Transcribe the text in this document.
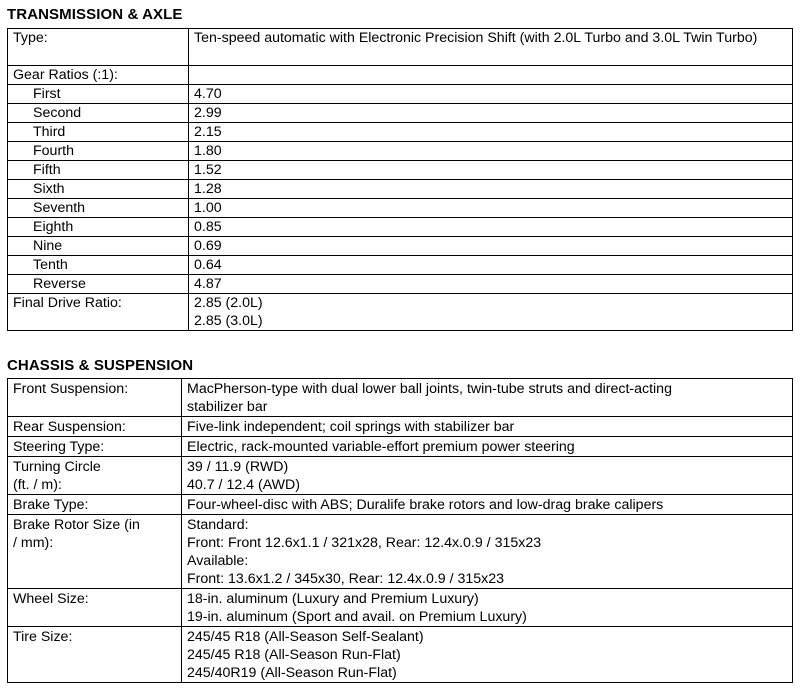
TRANSMISSION & AXLE
Type:	Ten-speed automatic with Electronic Precision Shift (with 2.0L Turbo and 3.0L Twin Turbo)
Gear Ratios (:1):	
First	4.70
Second	2.99
Third	2.15
Fourth	1.80
Fifth	1.52
Sixth	1.28
Seventh	1.00
Eighth	0.85
Nine	0.69
Tenth	0.64
Reverse	4.87
Final Drive Ratio:	2.85 (2.0L)
2.85 (3.0L)
CHASSIS & SUSPENSION
Front Suspension:	MacPherson-type with dual lower ball joints, twin-tube struts and direct-acting
stabilizer bar
Rear Suspension:	Five-link independent; coil springs with stabilizer bar
Steering Type:	Electric, rack-mounted variable-effort premium power steering
Turning Circle
(ft. / m):	39 / 11.9 (RWD)
40.7 / 12.4 (AWD)
Brake Type:	Four-wheel-disc with ABS; Duralife brake rotors and low-drag brake calipers
Brake Rotor Size (in
/ mm):	Standard:
Front: Front 12.6x1.1 / 321x28, Rear: 12.4x.0.9 / 315x23
Available:
Front: 13.6x1.2 / 345x30, Rear: 12.4x.0.9 / 315x23
Wheel Size:	18-in. aluminum (Luxury and Premium Luxury)
19-in. aluminum (Sport and avail. on Premium Luxury)
Tire Size:	245/45 R18 (All-Season Self-Sealant)
245/45 R18 (All-Season Run-Flat)
245/40R19 (All-Season Run-Flat)
